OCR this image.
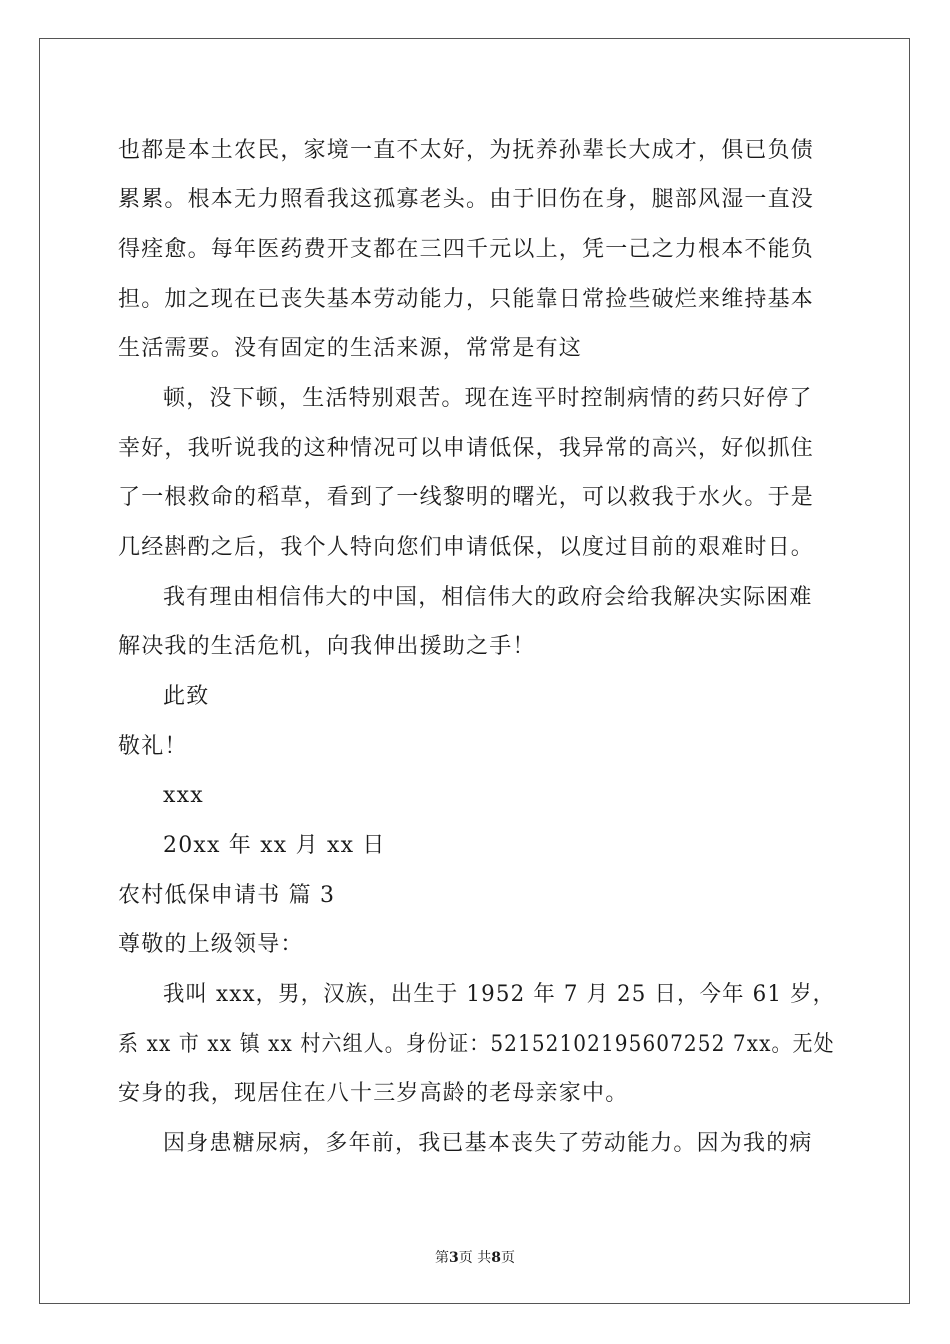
也都是本土农民，家境一直不太好，为抚养孙辈长大成才，俱已负债
累累。根本无力照看我这孤寡老头。由于旧伤在身，腿部风湿一直没
得痊愈。每年医药费开支都在三四千元以上，凭一己之力根本不能负
担。加之现在已丧失基本劳动能力，只能靠日常捡些破烂来维持基本
生活需要。没有固定的生活来源，常常是有这
顿，没下顿，生活特别艰苦。现在连平时控制病情的药只好停了
幸好，我听说我的这种情况可以申请低保，我异常的高兴，好似抓住
了一根救命的稻草，看到了一线黎明的曙光，可以救我于水火。于是
几经斟酌之后，我个人特向您们申请低保，以度过目前的艰难时日。
我有理由相信伟大的中国，相信伟大的政府会给我解决实际困难
解决我的生活危机，向我伸出援助之手！
此致
敬礼！
xxx
20xx 年 xx 月 xx 日
农村低保申请书 篇 3
尊敬的上级领导：
我叫 xxx，男，汉族，出生于 1952 年 7 月 25 日，今年 61 岁，
系 xx 市 xx 镇 xx 村六组人。身份证：52152102195607252 7xx。无处
安身的我，现居住在八十三岁高龄的老母亲家中。
因身患糖尿病，多年前，我已基本丧失了劳动能力。因为我的病
第3页 共8页
